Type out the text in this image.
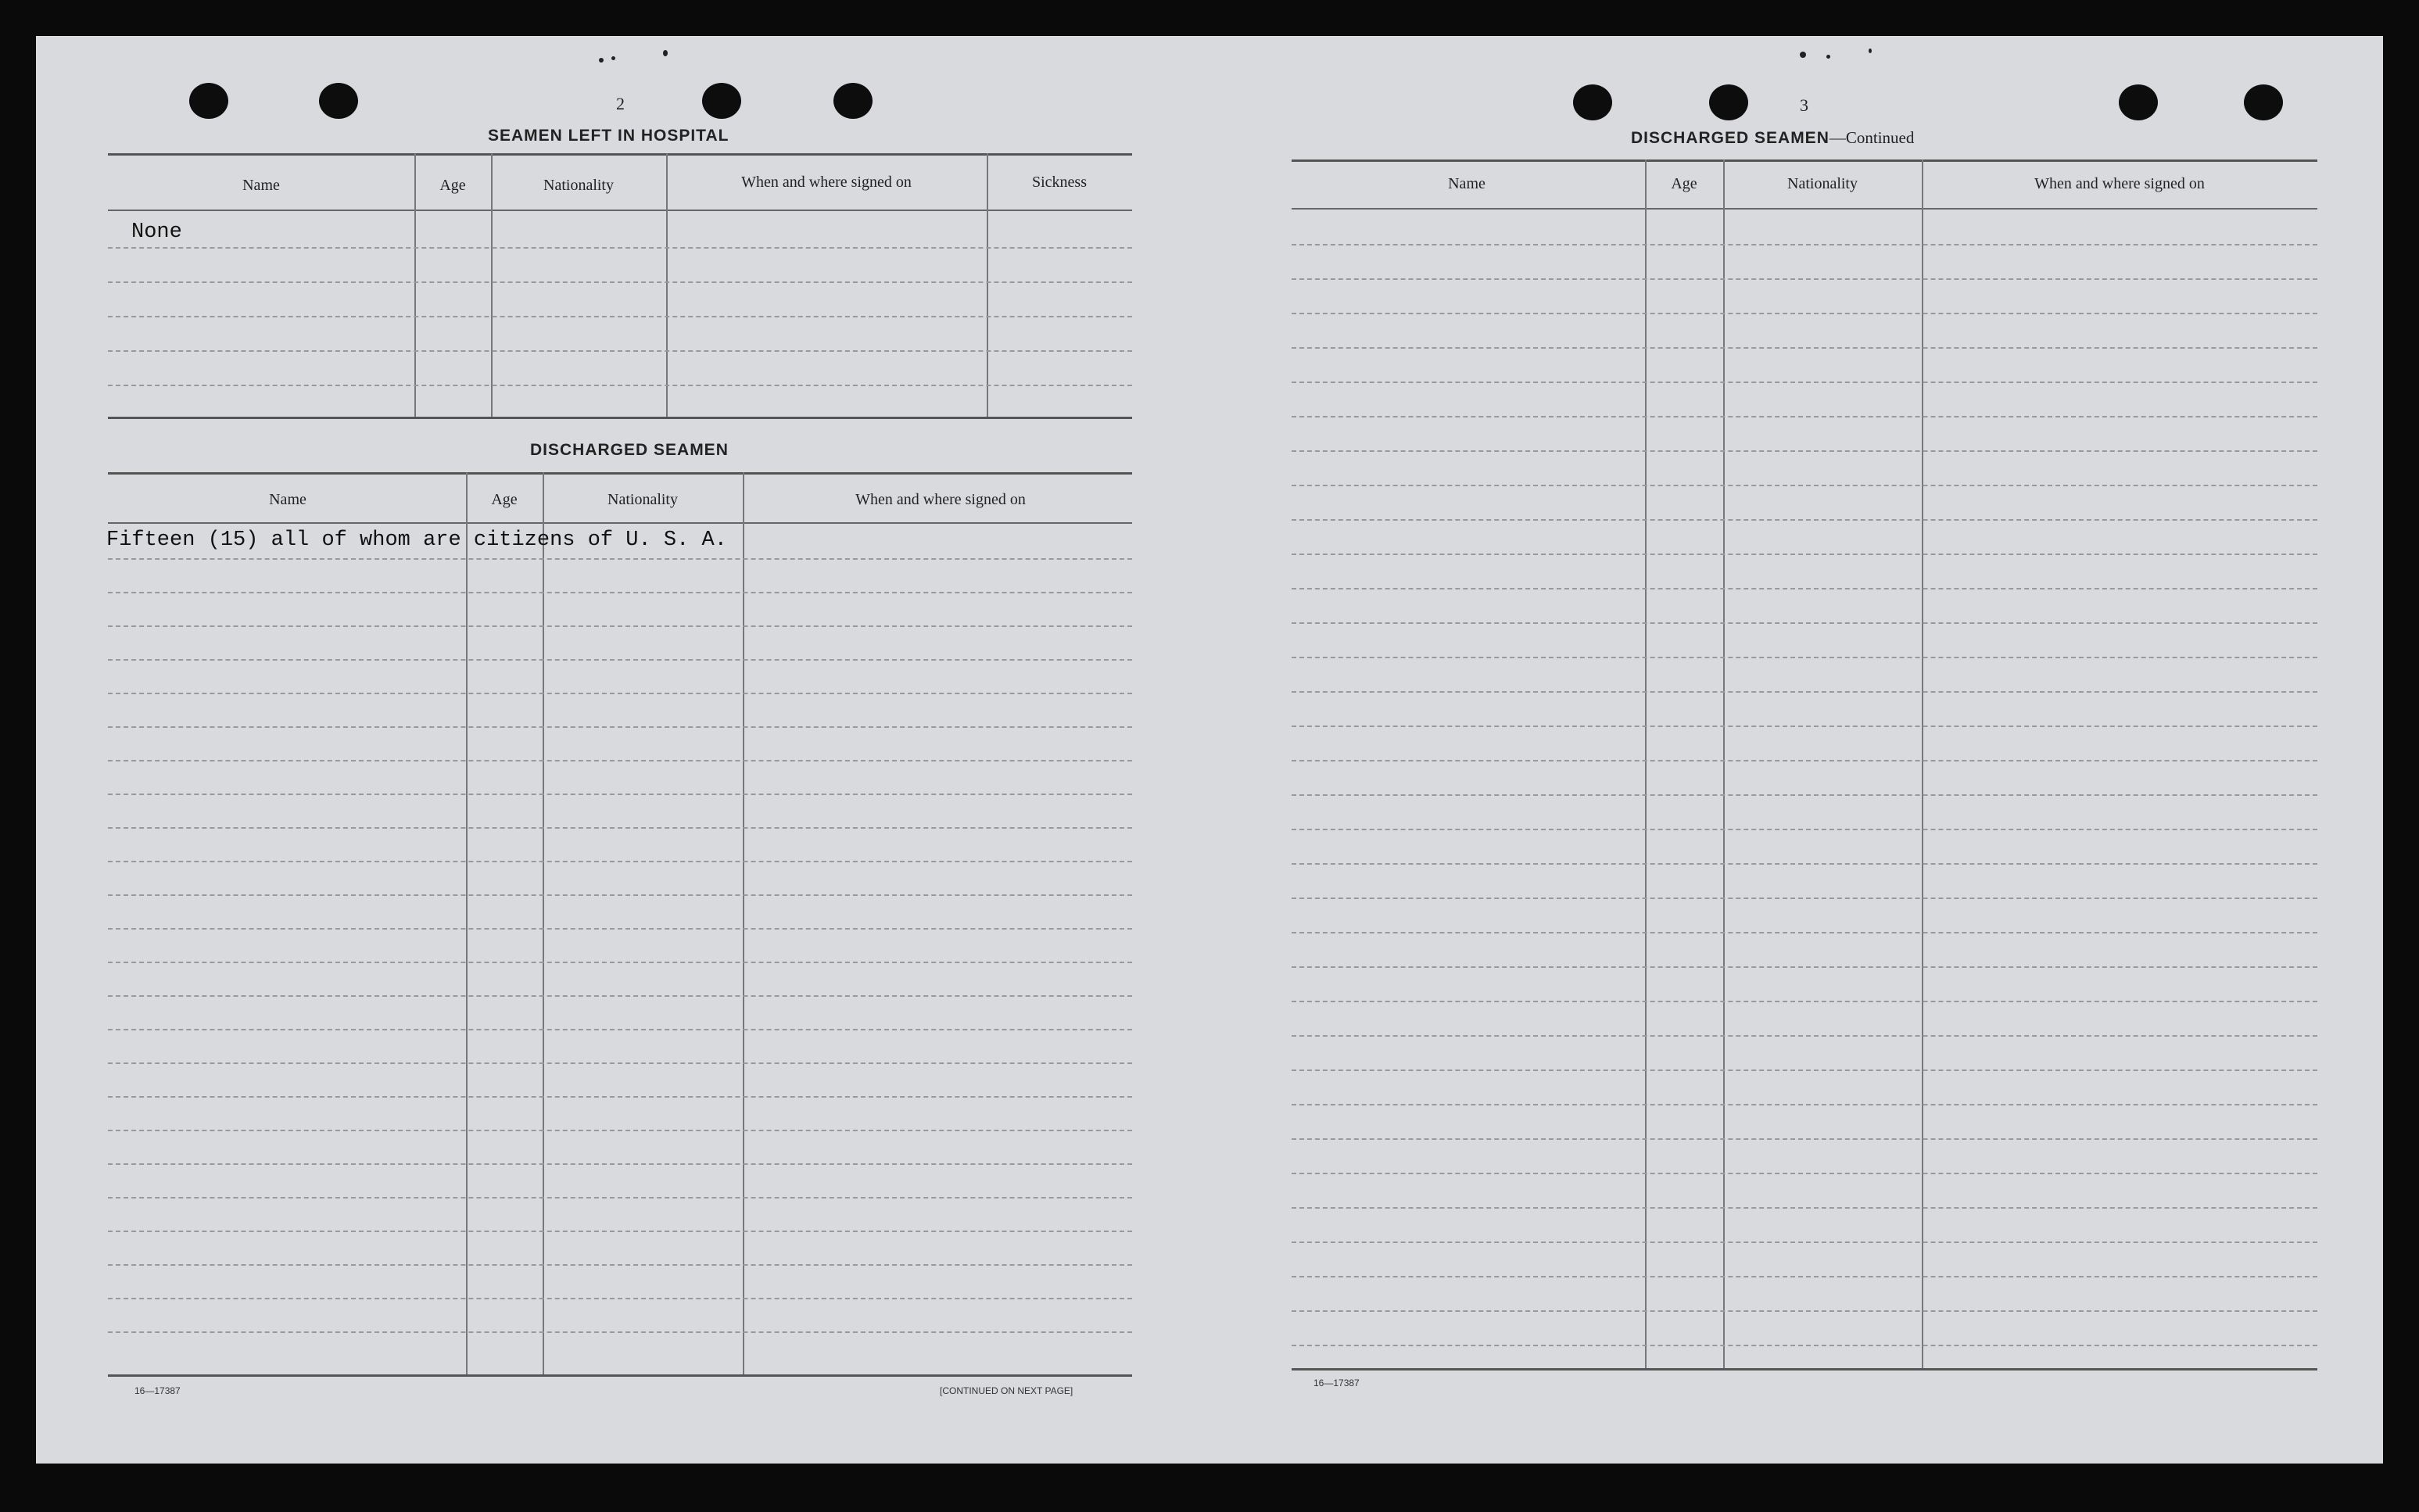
2
SEAMEN LEFT IN HOSPITAL
Name	Age	Nationality	When and where signed on	Sickness
None
DISCHARGED SEAMEN
Name	Age	Nationality	When and where signed on
Fifteen (15) all of whom are citizens of U. S. A.
16—17387	[CONTINUED ON NEXT PAGE]
3
DISCHARGED SEAMEN—Continued
Name	Age	Nationality	When and where signed on
16—17387
